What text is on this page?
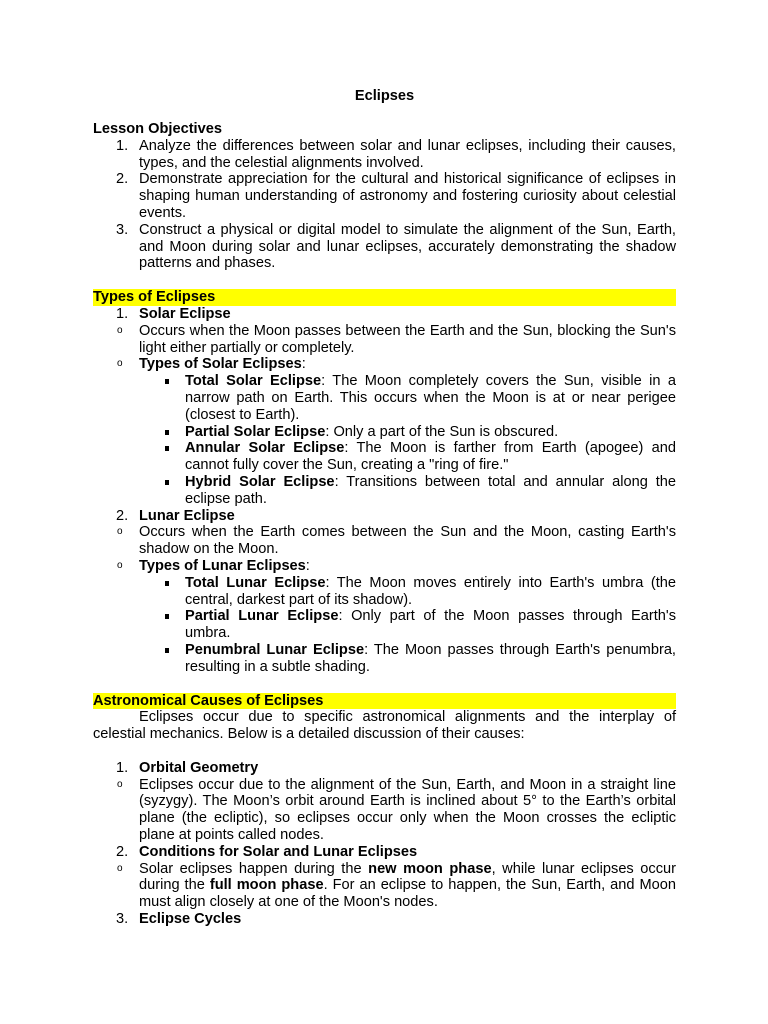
Eclipses
Lesson Objectives
1. Analyze the differences between solar and lunar eclipses, including their causes, types, and the celestial alignments involved.
2. Demonstrate appreciation for the cultural and historical significance of eclipses in shaping human understanding of astronomy and fostering curiosity about celestial events.
3. Construct a physical or digital model to simulate the alignment of the Sun, Earth, and Moon during solar and lunar eclipses, accurately demonstrating the shadow patterns and phases.
Types of Eclipses
1. Solar Eclipse
o Occurs when the Moon passes between the Earth and the Sun, blocking the Sun's light either partially or completely.
o Types of Solar Eclipses:
Total Solar Eclipse: The Moon completely covers the Sun, visible in a narrow path on Earth. This occurs when the Moon is at or near perigee (closest to Earth).
Partial Solar Eclipse: Only a part of the Sun is obscured.
Annular Solar Eclipse: The Moon is farther from Earth (apogee) and cannot fully cover the Sun, creating a "ring of fire."
Hybrid Solar Eclipse: Transitions between total and annular along the eclipse path.
2. Lunar Eclipse
o Occurs when the Earth comes between the Sun and the Moon, casting Earth's shadow on the Moon.
o Types of Lunar Eclipses:
Total Lunar Eclipse: The Moon moves entirely into Earth's umbra (the central, darkest part of its shadow).
Partial Lunar Eclipse: Only part of the Moon passes through Earth's umbra.
Penumbral Lunar Eclipse: The Moon passes through Earth's penumbra, resulting in a subtle shading.
Astronomical Causes of Eclipses
Eclipses occur due to specific astronomical alignments and the interplay of celestial mechanics. Below is a detailed discussion of their causes:
1. Orbital Geometry
o Eclipses occur due to the alignment of the Sun, Earth, and Moon in a straight line (syzygy). The Moon’s orbit around Earth is inclined about 5° to the Earth’s orbital plane (the ecliptic), so eclipses occur only when the Moon crosses the ecliptic plane at points called nodes.
2. Conditions for Solar and Lunar Eclipses
o Solar eclipses happen during the new moon phase, while lunar eclipses occur during the full moon phase. For an eclipse to happen, the Sun, Earth, and Moon must align closely at one of the Moon's nodes.
3. Eclipse Cycles
